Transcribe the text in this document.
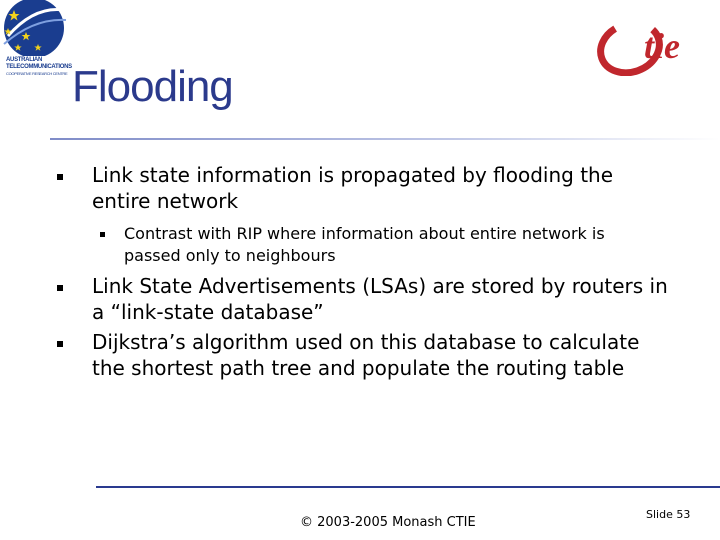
AUSTRALIAN
TELECOMMUNICATIONS
COOPERATIVE RESEARCH CENTRE
tie
Flooding
Link state information is propagated by flooding the
entire network
Contrast with RIP where information about entire network is
passed only to neighbours
Link State Advertisements (LSAs) are stored by routers in
a “link-state database”
Dijkstra’s algorithm used on this database to calculate
the shortest path tree and populate the routing table
© 2003-2005 Monash CTIE
Slide 53
